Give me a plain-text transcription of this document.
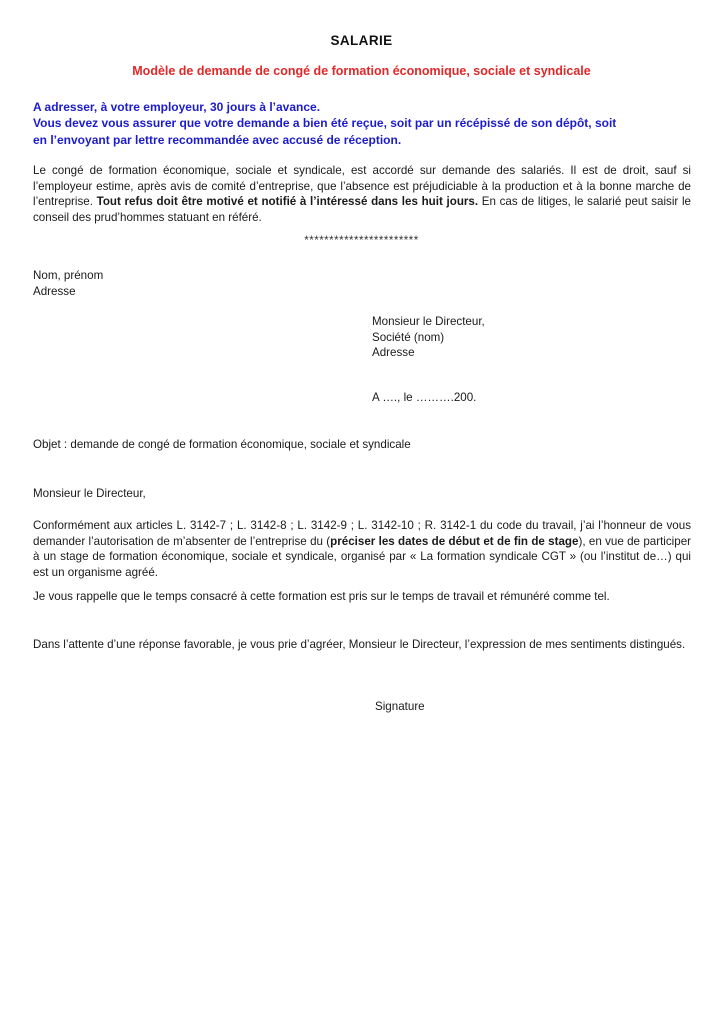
SALARIE
Modèle de demande de congé de formation économique, sociale et syndicale
A adresser, à votre employeur, 30 jours à l’avance.
Vous devez vous assurer que votre demande a bien été reçue, soit par un récépissé de son dépôt, soit
en l’envoyant par lettre recommandée avec accusé de réception.
Le congé de formation économique, sociale et syndicale, est accordé sur demande des salariés. Il est de droit, sauf si l’employeur estime, après avis de comité d’entreprise, que l’absence est préjudiciable à la production et à la bonne marche de l’entreprise. Tout refus doit être motivé et notifié à l’intéressé dans les huit jours. En cas de litiges, le salarié peut saisir le conseil des prud’hommes statuant en référé.
***********************
Nom, prénom
Adresse
Monsieur le Directeur,
Société (nom)
Adresse
A …., le ……….200.
Objet : demande de congé de formation économique, sociale et syndicale
Monsieur le Directeur,
Conformément aux articles L. 3142-7 ; L. 3142-8 ; L. 3142-9 ; L. 3142-10 ; R. 3142-1 du code du travail, j’ai l’honneur de vous demander l’autorisation de m’absenter de l’entreprise du (préciser les dates de début et de fin de stage), en vue de participer à un stage de formation économique, sociale et syndicale, organisé par « La formation syndicale CGT » (ou l’institut de…) qui est un organisme agréé.
Je vous rappelle que le temps consacré à cette formation est pris sur le temps de travail et rémunéré comme tel.
Dans l’attente d’une réponse favorable, je vous prie d’agréer, Monsieur le Directeur, l’expression de mes sentiments distingués.
Signature
